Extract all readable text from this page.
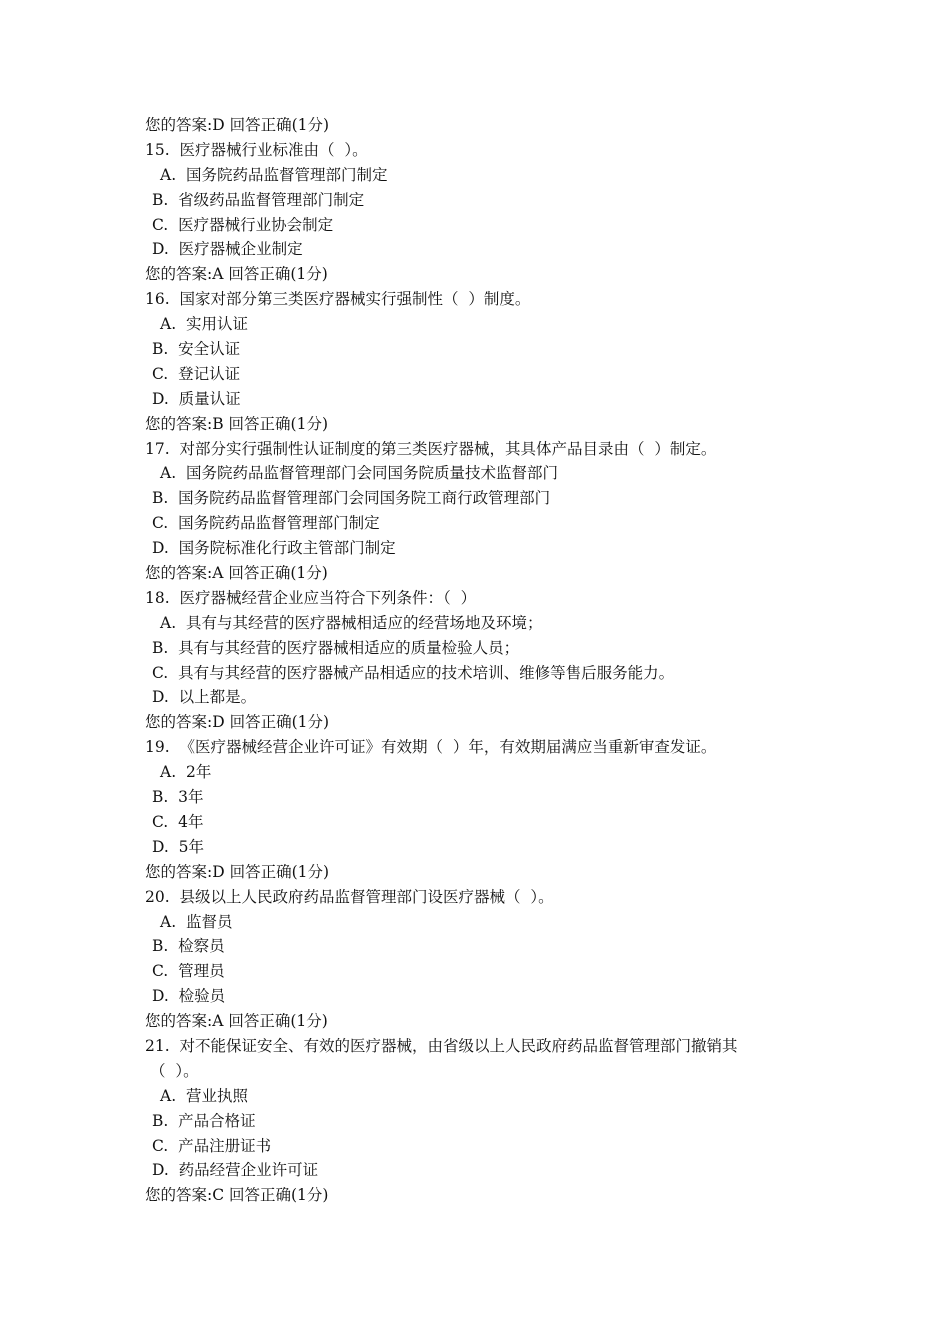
您的答案:D 回答正确(1分)
15.  医疗器械行业标准由（  ）。
A.  国务院药品监督管理部门制定
B.  省级药品监督管理部门制定
C.  医疗器械行业协会制定
D.  医疗器械企业制定
您的答案:A 回答正确(1分)
16.  国家对部分第三类医疗器械实行强制性（  ）制度。
A.  实用认证
B.  安全认证
C.  登记认证
D.  质量认证
您的答案:B 回答正确(1分)
17.  对部分实行强制性认证制度的第三类医疗器械，其具体产品目录由（  ）制定。
A.  国务院药品监督管理部门会同国务院质量技术监督部门
B.  国务院药品监督管理部门会同国务院工商行政管理部门
C.  国务院药品监督管理部门制定
D.  国务院标准化行政主管部门制定
您的答案:A 回答正确(1分)
18.  医疗器械经营企业应当符合下列条件：（  ）
A.  具有与其经营的医疗器械相适应的经营场地及环境；
B.  具有与其经营的医疗器械相适应的质量检验人员；
C.  具有与其经营的医疗器械产品相适应的技术培训、维修等售后服务能力。
D.  以上都是。
您的答案:D 回答正确(1分)
19.  《医疗器械经营企业许可证》有效期（  ）年，有效期届满应当重新审查发证。
A.  2年
B.  3年
C.  4年
D.  5年
您的答案:D 回答正确(1分)
20.  县级以上人民政府药品监督管理部门设医疗器械（  ）。
A.  监督员
B.  检察员
C.  管理员
D.  检验员
您的答案:A 回答正确(1分)
21.  对不能保证安全、有效的医疗器械，由省级以上人民政府药品监督管理部门撤销其
（  ）。
A.  营业执照
B.  产品合格证
C.  产品注册证书
D.  药品经营企业许可证
您的答案:C 回答正确(1分)
